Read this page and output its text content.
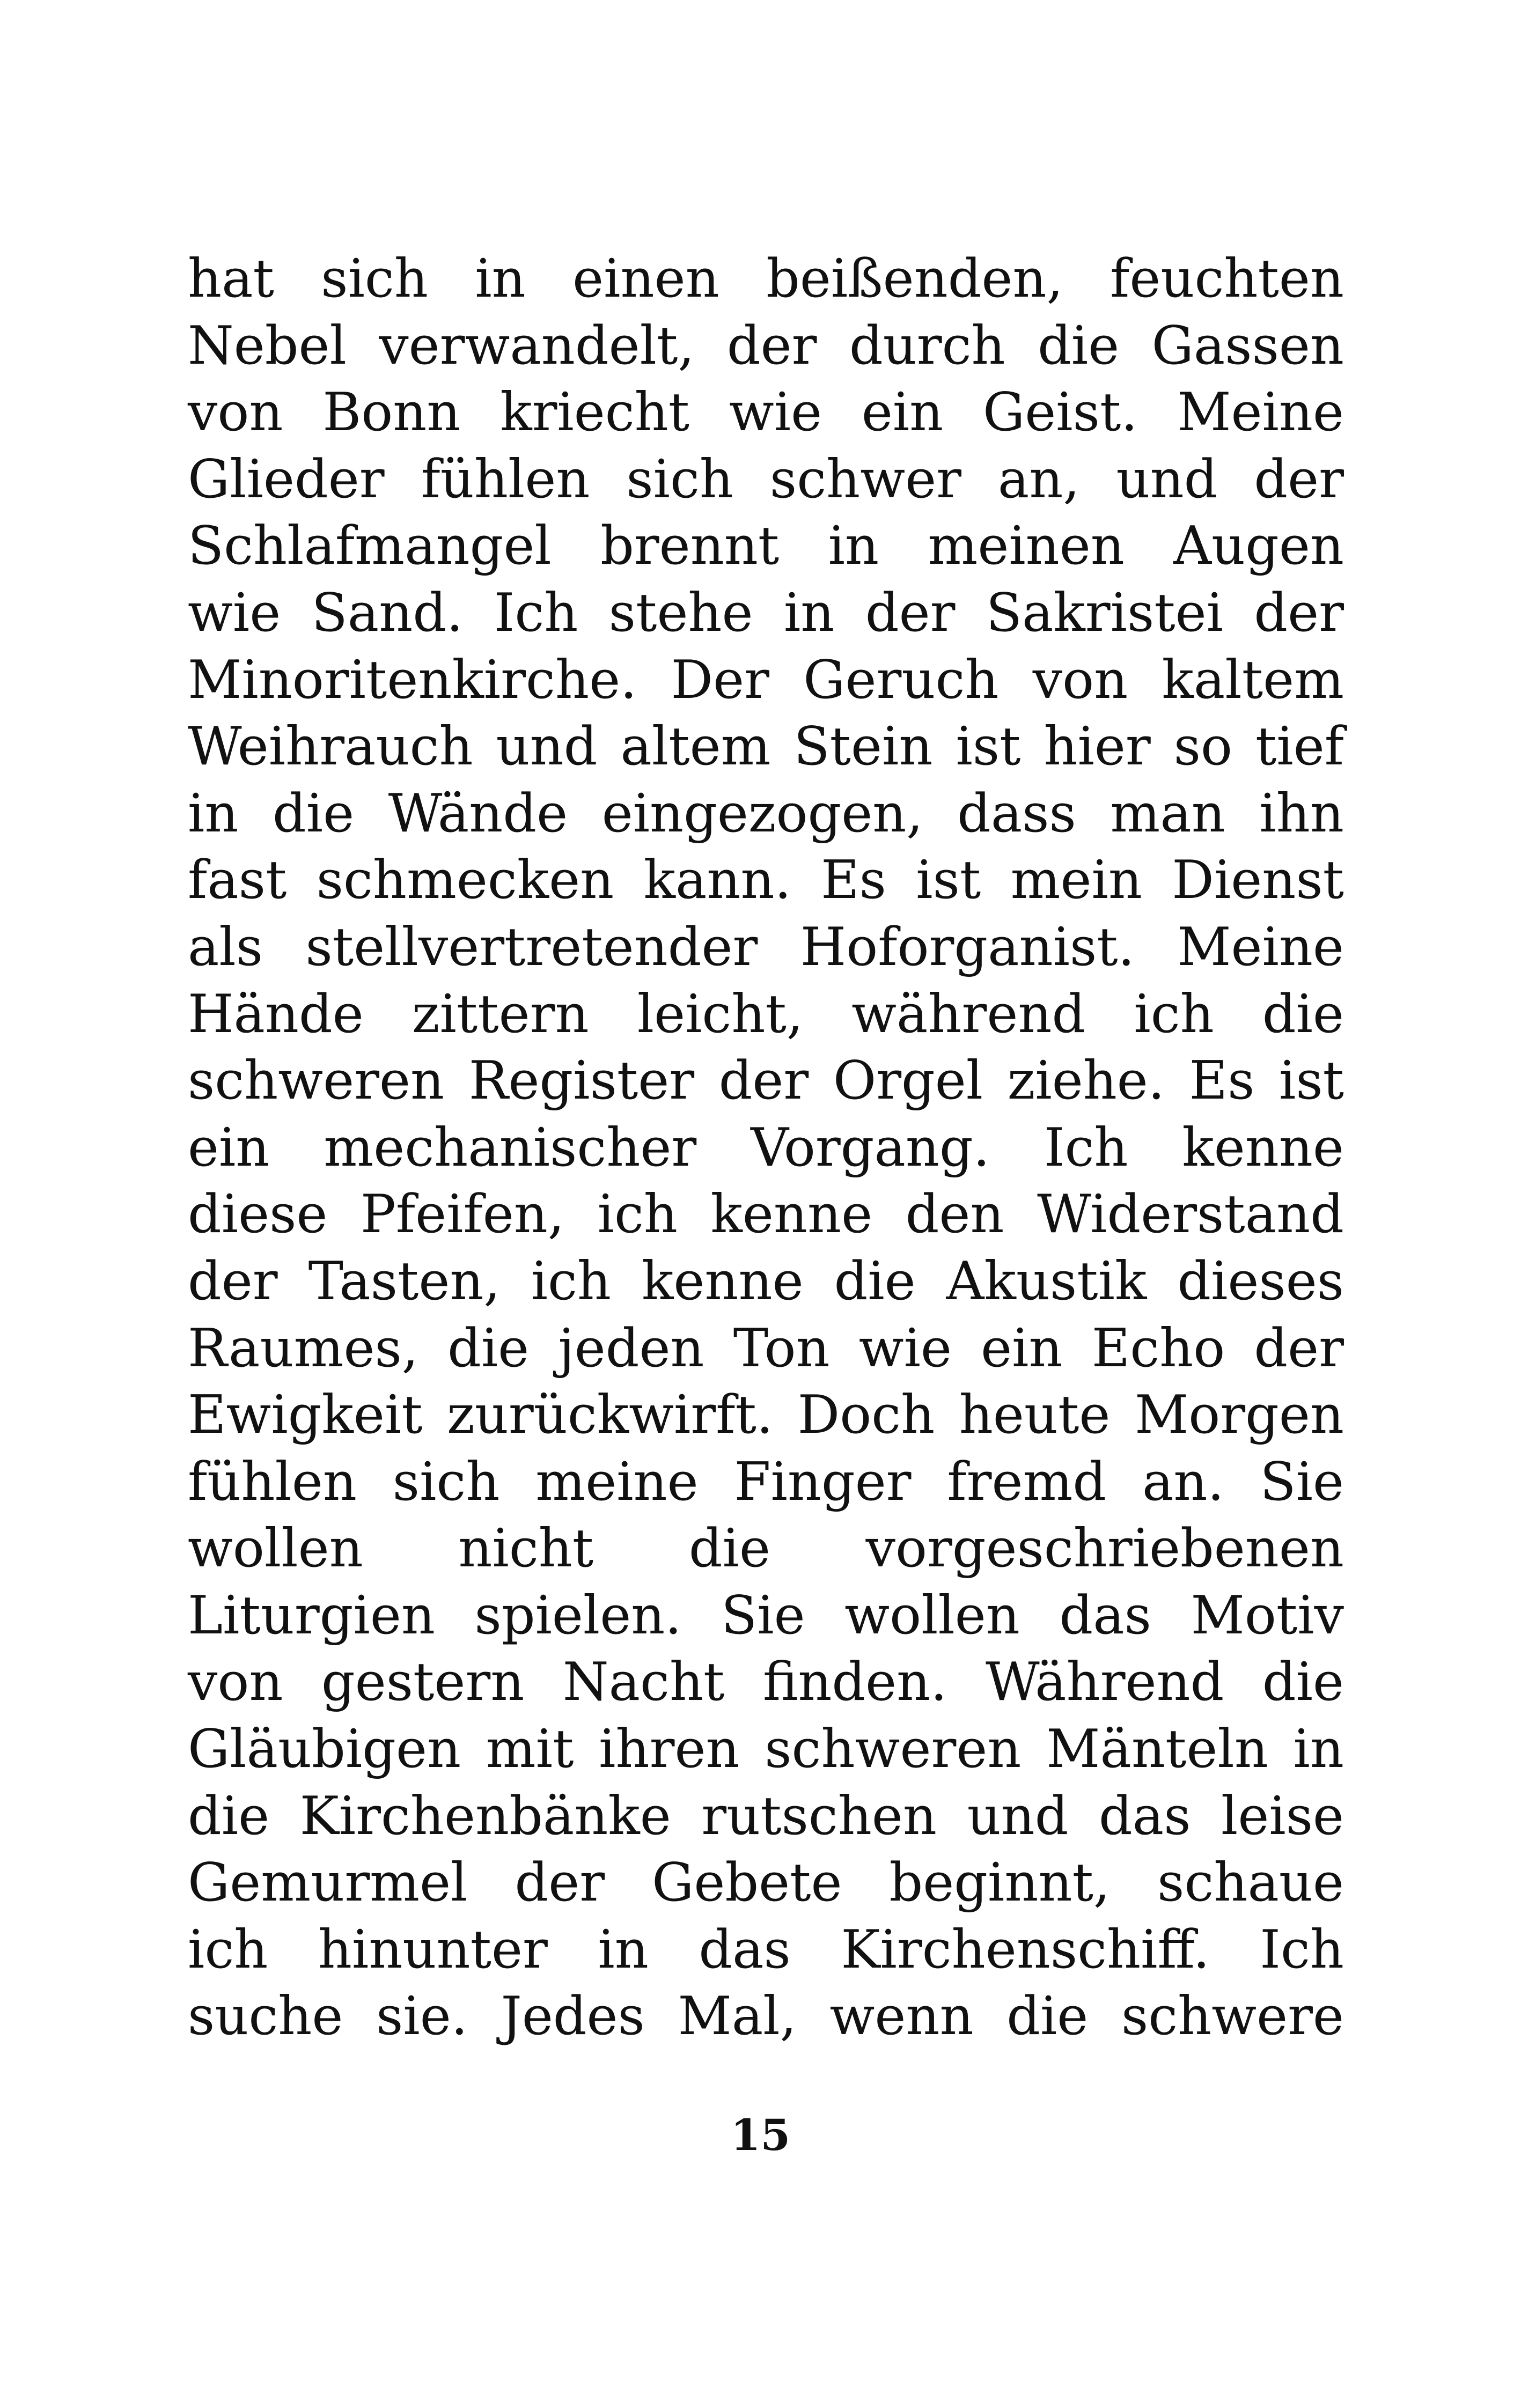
hat sich in einen beißenden, feuchten
Nebel verwandelt, der durch die Gassen
von Bonn kriecht wie ein Geist. Meine
Glieder fühlen sich schwer an, und der
Schlafmangel brennt in meinen Augen
wie Sand. Ich stehe in der Sakristei der
Minoritenkirche. Der Geruch von kaltem
Weihrauch und altem Stein ist hier so tief
in die Wände eingezogen, dass man ihn
fast schmecken kann. Es ist mein Dienst
als stellvertretender Hoforganist. Meine
Hände zittern leicht, während ich die
schweren Register der Orgel ziehe. Es ist
ein mechanischer Vorgang. Ich kenne
diese Pfeifen, ich kenne den Widerstand
der Tasten, ich kenne die Akustik dieses
Raumes, die jeden Ton wie ein Echo der
Ewigkeit zurückwirft. Doch heute Morgen
fühlen sich meine Finger fremd an. Sie
wollen nicht die vorgeschriebenen
Liturgien spielen. Sie wollen das Motiv
von gestern Nacht finden. Während die
Gläubigen mit ihren schweren Mänteln in
die Kirchenbänke rutschen und das leise
Gemurmel der Gebete beginnt, schaue
ich hinunter in das Kirchenschiff. Ich
suche sie. Jedes Mal, wenn die schwere
15
